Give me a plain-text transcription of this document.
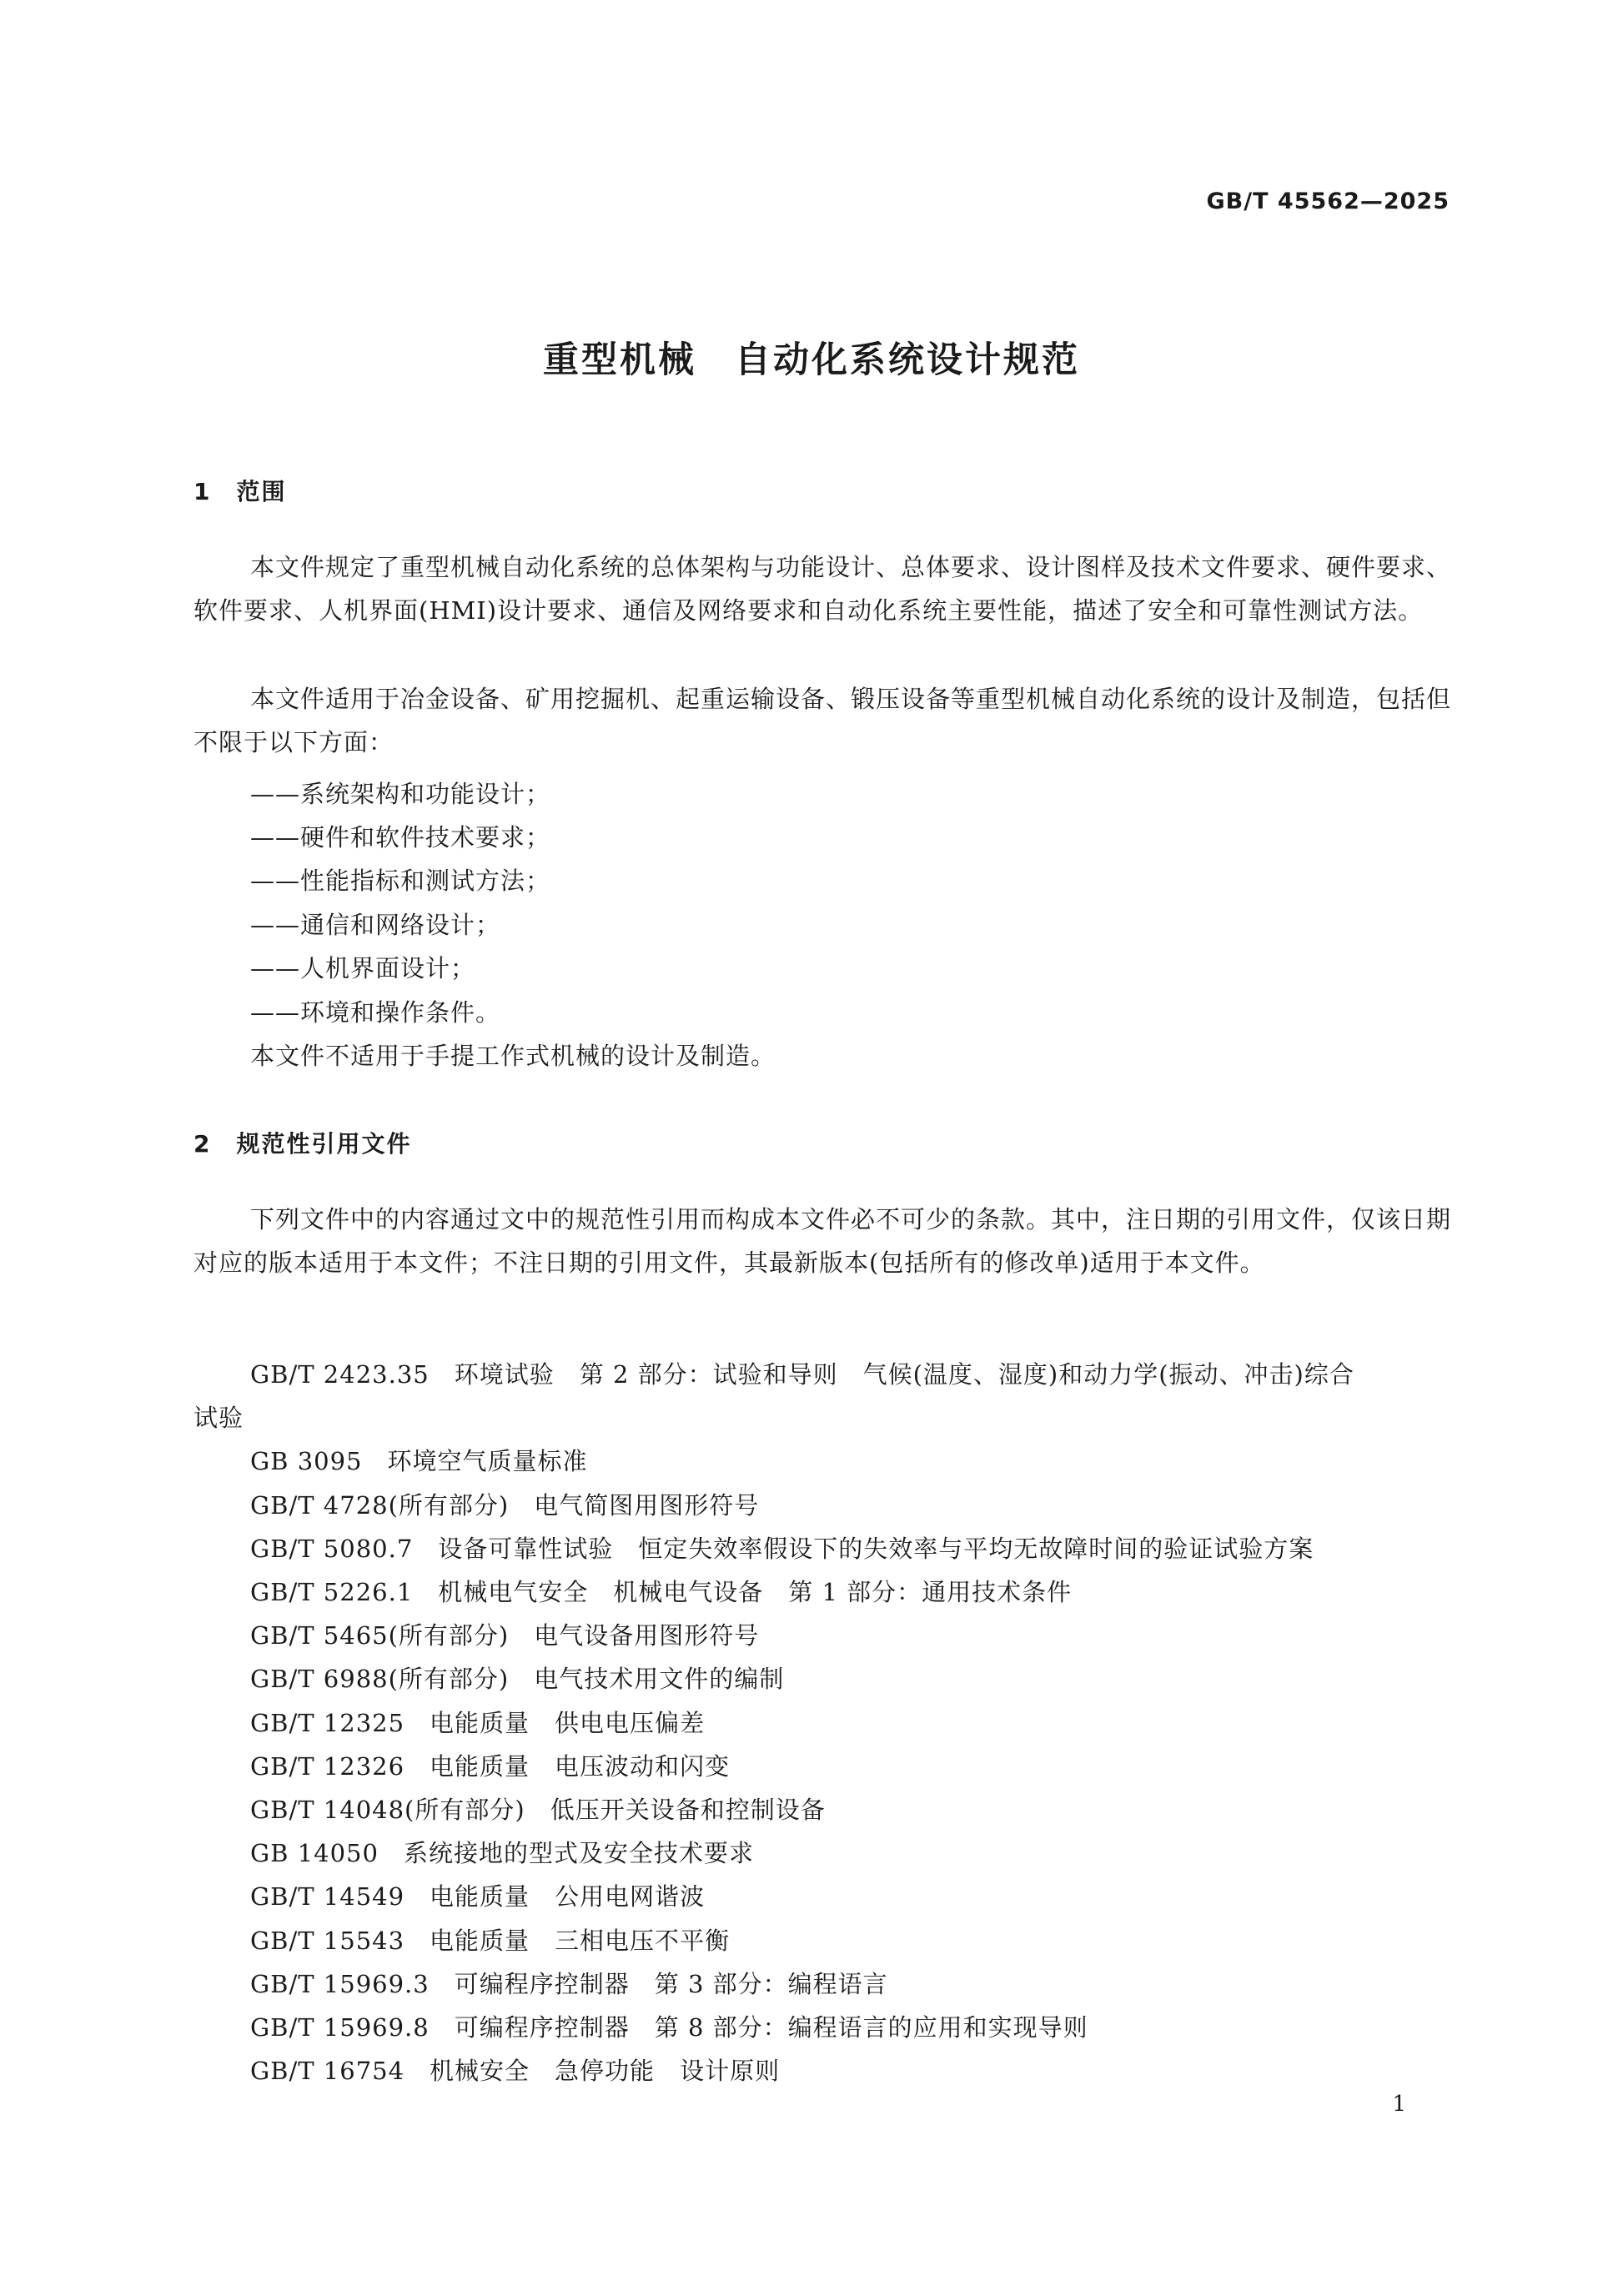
GB/T 45562—2025
重型机械　自动化系统设计规范
1　范围

本文件规定了重型机械自动化系统的总体架构与功能设计、总体要求、设计图样及技术文件要求、硬件要求、软件要求、人机界面(HMI)设计要求、通信及网络要求和自动化系统主要性能，描述了安全和可靠性测试方法。

本文件适用于冶金设备、矿用挖掘机、起重运输设备、锻压设备等重型机械自动化系统的设计及制造，包括但不限于以下方面：

——系统架构和功能设计；
——硬件和软件技术要求；
——性能指标和测试方法；
——通信和网络设计；
——人机界面设计；
——环境和操作条件。
本文件不适用于手提工作式机械的设计及制造。
2　规范性引用文件

下列文件中的内容通过文中的规范性引用而构成本文件必不可少的条款。其中，注日期的引用文件，仅该日期对应的版本适用于本文件；不注日期的引用文件，其最新版本(包括所有的修改单)适用于本文件。

GB/T 2423.35　环境试验　第 2 部分：试验和导则　气候(温度、湿度)和动力学(振动、冲击)综合
试验
GB 3095　环境空气质量标准
GB/T 4728(所有部分)　电气简图用图形符号
GB/T 5080.7　设备可靠性试验　恒定失效率假设下的失效率与平均无故障时间的验证试验方案
GB/T 5226.1　机械电气安全　机械电气设备　第 1 部分：通用技术条件
GB/T 5465(所有部分)　电气设备用图形符号
GB/T 6988(所有部分)　电气技术用文件的编制
GB/T 12325　电能质量　供电电压偏差
GB/T 12326　电能质量　电压波动和闪变
GB/T 14048(所有部分)　低压开关设备和控制设备
GB 14050　系统接地的型式及安全技术要求
GB/T 14549　电能质量　公用电网谐波
GB/T 15543　电能质量　三相电压不平衡
GB/T 15969.3　可编程序控制器　第 3 部分：编程语言
GB/T 15969.8　可编程序控制器　第 8 部分：编程语言的应用和实现导则
GB/T 16754　机械安全　急停功能　设计原则
1
